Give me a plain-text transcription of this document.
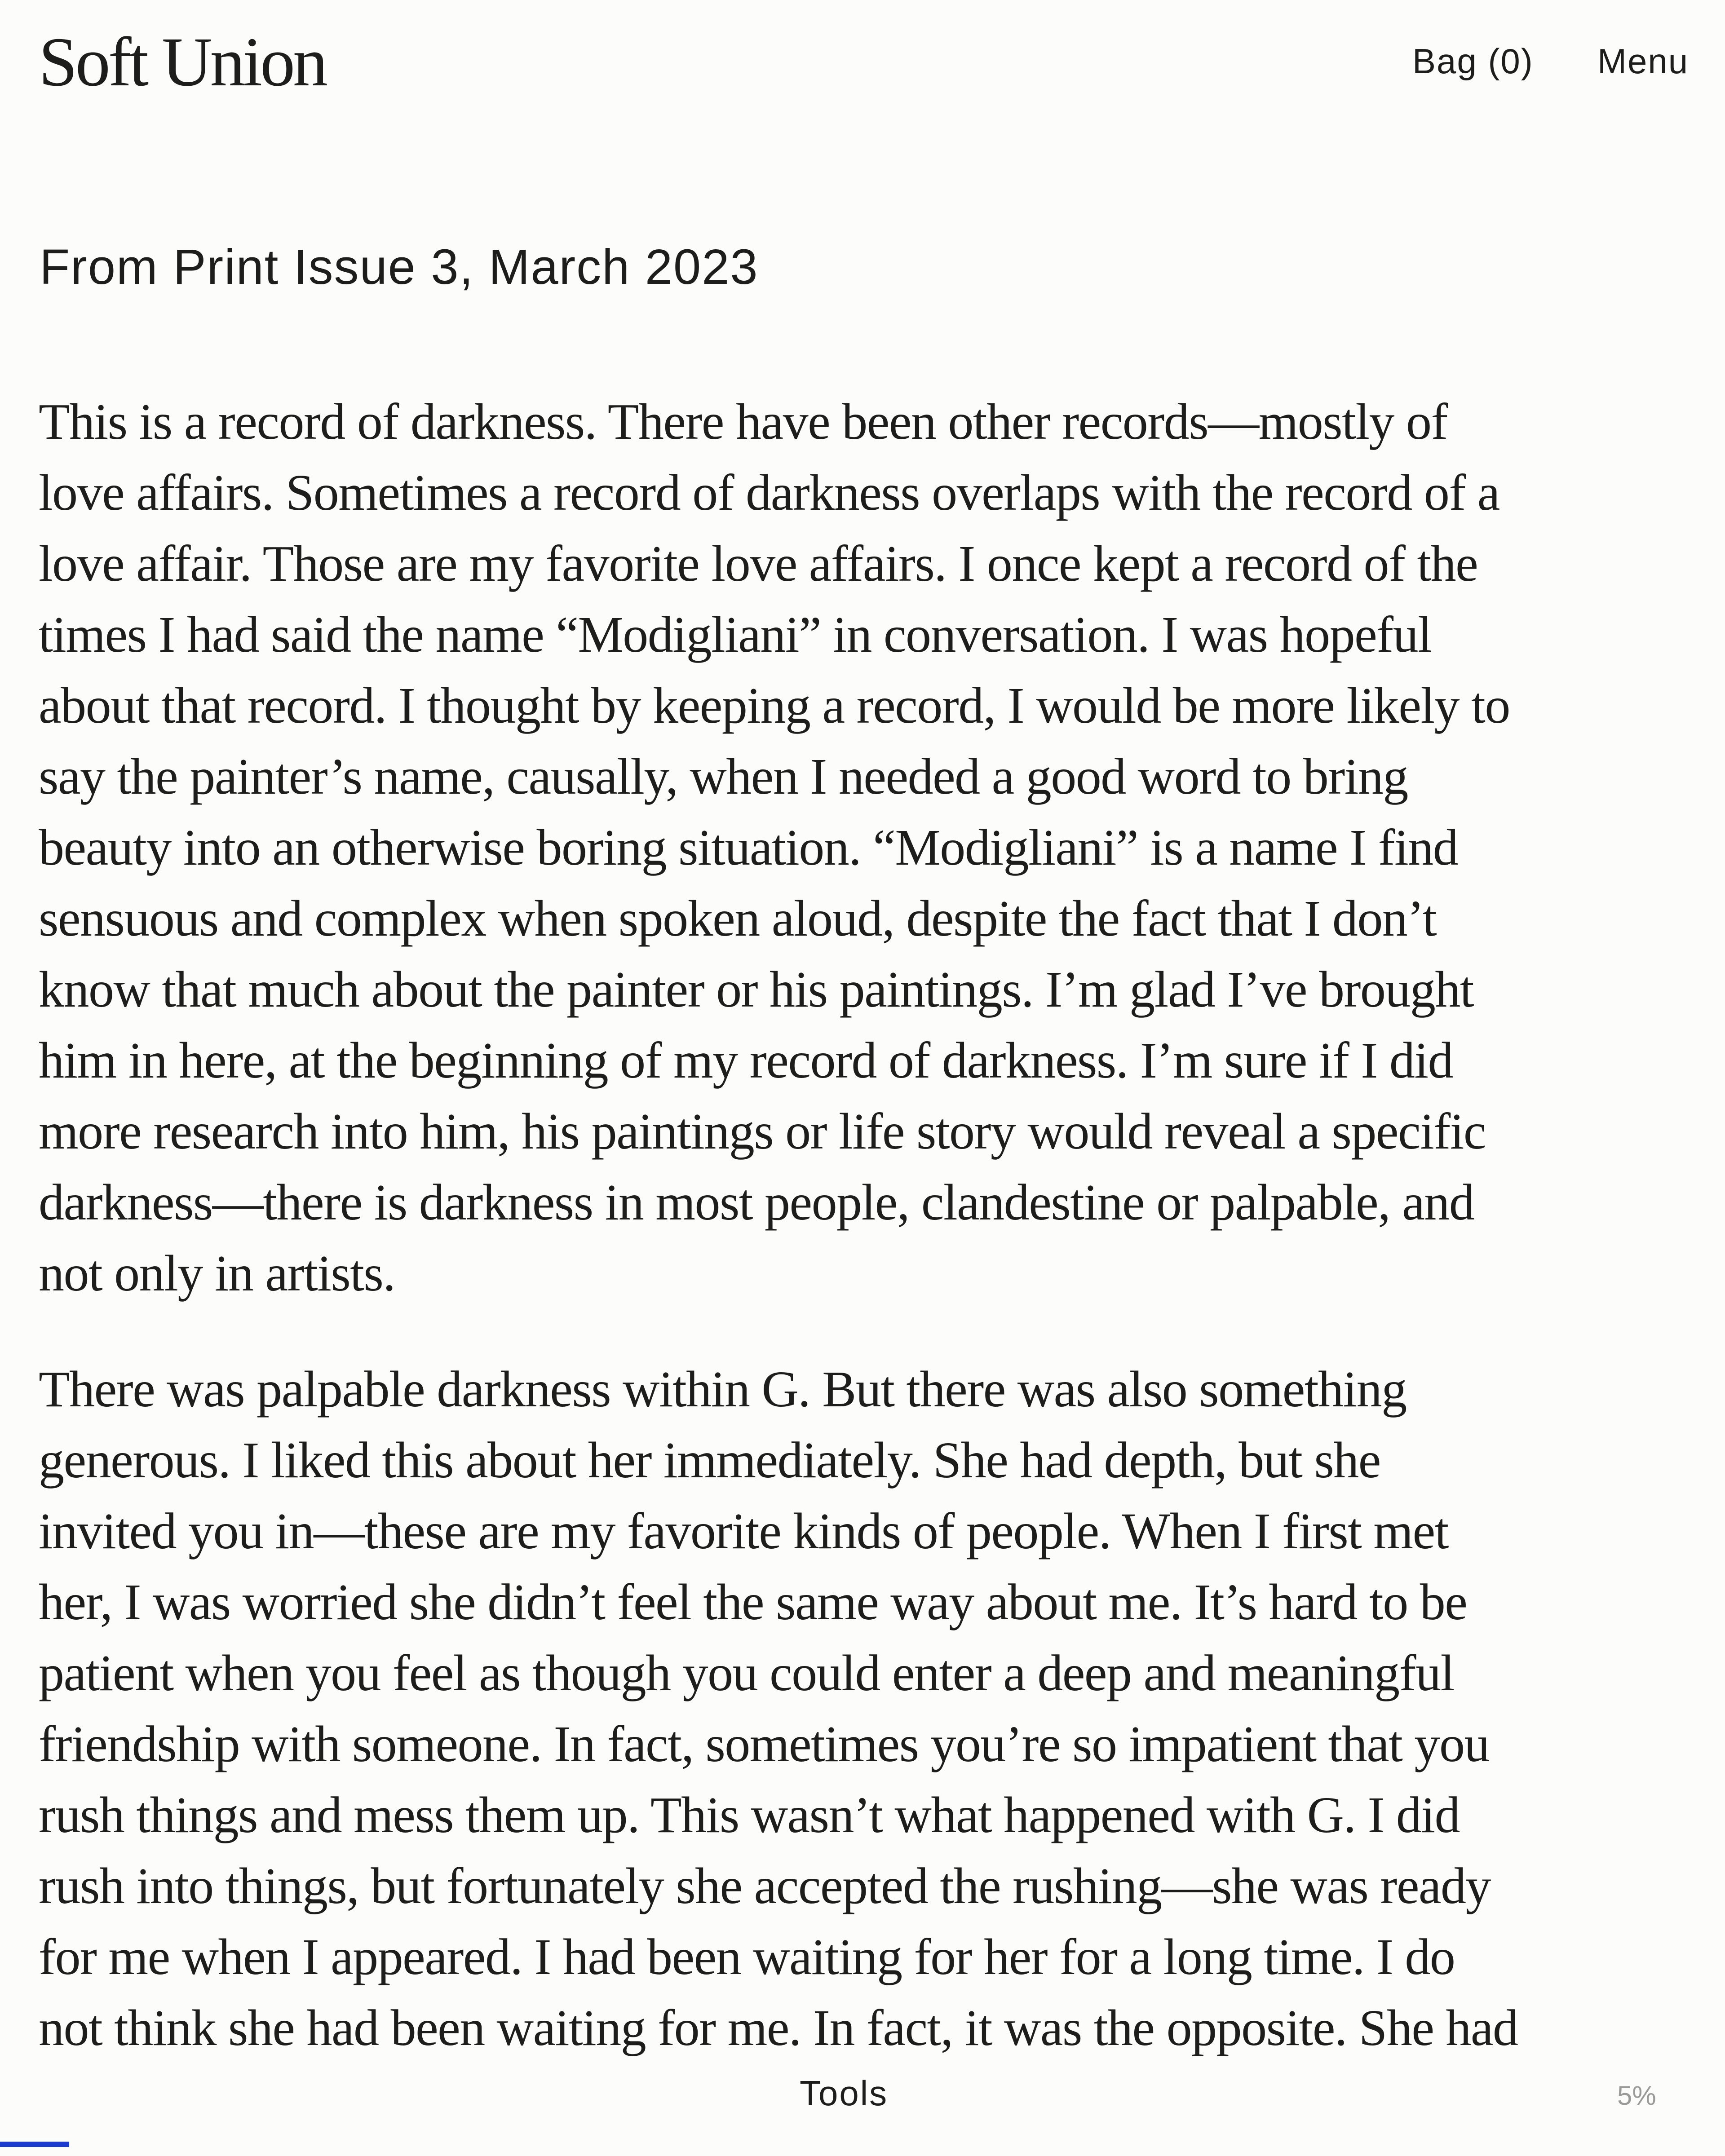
Soft Union	Bag (0) Menu
From Print Issue 3, March 2023

This is a record of darkness. There have been other records—mostly of
love affairs. Sometimes a record of darkness overlaps with the record of a
love affair. Those are my favorite love affairs. I once kept a record of the
times I had said the name “Modigliani” in conversation. I was hopeful
about that record. I thought by keeping a record, I would be more likely to
say the painter’s name, causally, when I needed a good word to bring
beauty into an otherwise boring situation. “Modigliani” is a name I find
sensuous and complex when spoken aloud, despite the fact that I don’t
know that much about the painter or his paintings. I’m glad I’ve brought
him in here, at the beginning of my record of darkness. I’m sure if I did
more research into him, his paintings or life story would reveal a specific
darkness—there is darkness in most people, clandestine or palpable, and
not only in artists.

There was palpable darkness within G. But there was also something
generous. I liked this about her immediately. She had depth, but she
invited you in—these are my favorite kinds of people. When I first met
her, I was worried she didn’t feel the same way about me. It’s hard to be
patient when you feel as though you could enter a deep and meaningful
friendship with someone. In fact, sometimes you’re so impatient that you
rush things and mess them up. This wasn’t what happened with G. I did
rush into things, but fortunately she accepted the rushing—she was ready
for me when I appeared. I had been waiting for her for a long time. I do
not think she had been waiting for me. In fact, it was the opposite. She had

Tools	5%
